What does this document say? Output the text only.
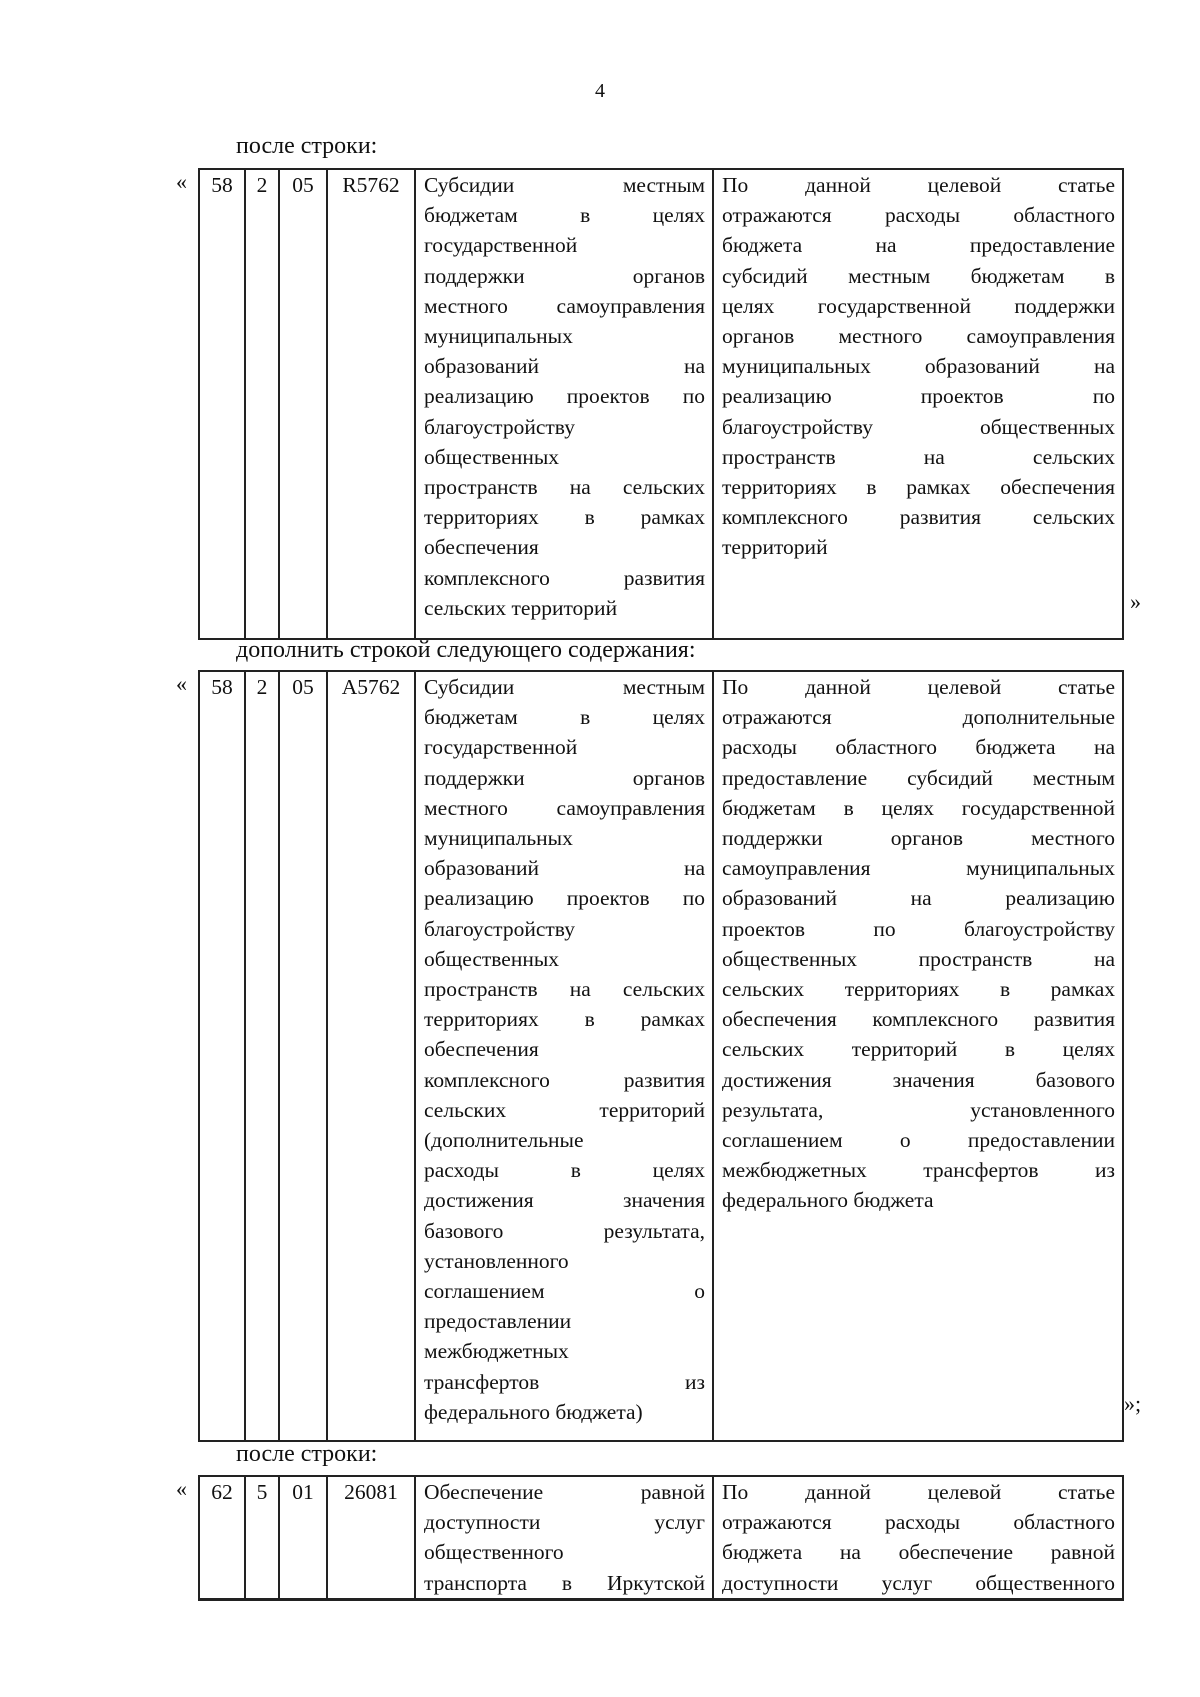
4
после строки:
« 58	2	05	R5762	Субсидии местным
бюджетам в целях
государственной
поддержки органов
местного самоуправления
муниципальных
образований на
реализацию проектов по
благоустройству
общественных
пространств на сельских
территориях в рамках
обеспечения
комплексного развития
сельских территорий

По данной целевой статье
отражаются расходы областного
бюджета на предоставление
субсидий местным бюджетам в
целях государственной поддержки
органов местного самоуправления
муниципальных образований на
реализацию проектов по
благоустройству общественных
пространств на сельских
территориях в рамках обеспечения
комплексного развития сельских
территорий
»
дополнить строкой следующего содержания:
« 58	2	05	А5762	Субсидии местным
бюджетам в целях
государственной
поддержки органов
местного самоуправления
муниципальных
образований на
реализацию проектов по
благоустройству
общественных
пространств на сельских
территориях в рамках
обеспечения
комплексного развития
сельских территорий
(дополнительные
расходы в целях
достижения значения
базового результата,
установленного
соглашением о
предоставлении
межбюджетных
трансфертов из
федерального бюджета)

По данной целевой статье
отражаются дополнительные
расходы областного бюджета на
предоставление субсидий местным
бюджетам в целях государственной
поддержки органов местного
самоуправления муниципальных
образований на реализацию
проектов по благоустройству
общественных пространств на
сельских территориях в рамках
обеспечения комплексного развития
сельских территорий в целях
достижения значения базового
результата, установленного
соглашением о предоставлении
межбюджетных трансфертов из
федерального бюджета
»;
после строки:
« 62	5	01	26081	Обеспечение равной
доступности услуг
общественного
транспорта в Иркутской

По данной целевой статье
отражаются расходы областного
бюджета на обеспечение равной
доступности услуг общественного
